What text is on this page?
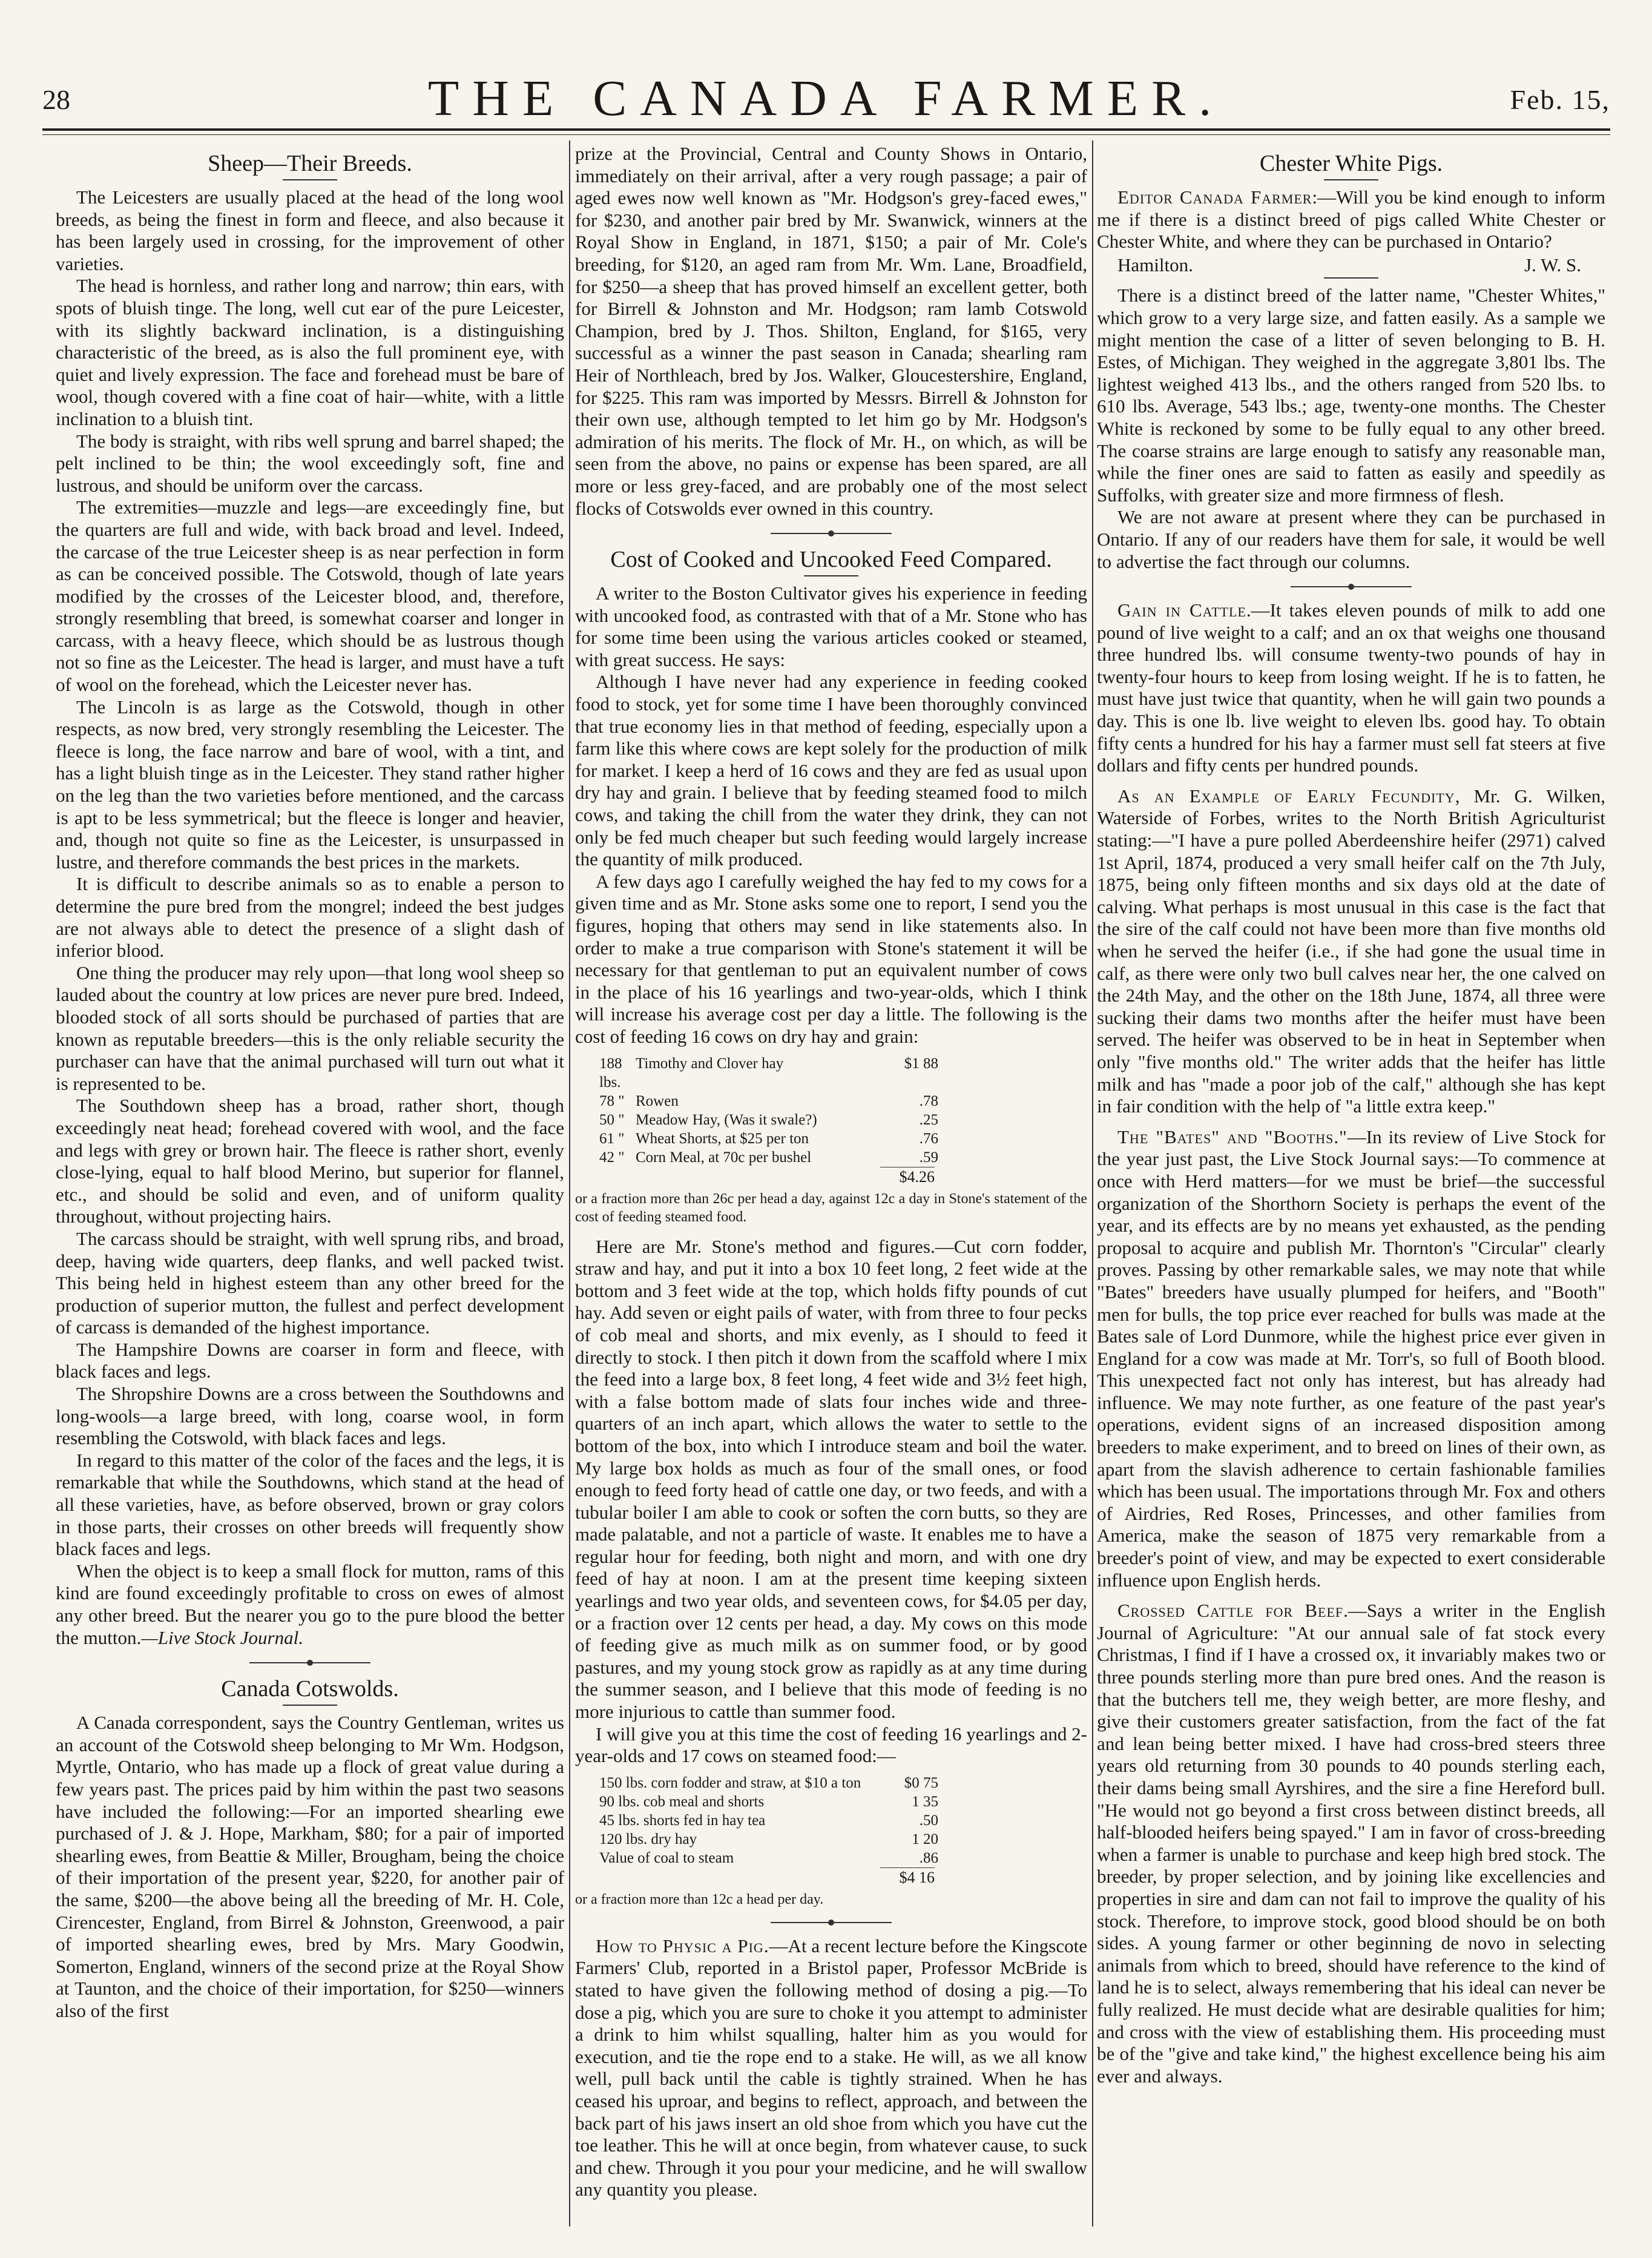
28	THE CANADA FARMER.	Feb. 15,
Sheep—Their Breeds.

The Leicesters are usually placed at the head of the long wool breeds, as being the finest in form and fleece, and also because it has been largely used in crossing, for the improvement of other varieties.

The head is hornless, and rather long and narrow; thin ears, with spots of bluish tinge. The long, well cut ear of the pure Leicester, with its slightly backward inclination, is a distinguishing characteristic of the breed, as is also the full prominent eye, with quiet and lively expression. The face and forehead must be bare of wool, though covered with a fine coat of hair—white, with a little inclination to a bluish tint.

The body is straight, with ribs well sprung and barrel shaped; the pelt inclined to be thin; the wool exceedingly soft, fine and lustrous, and should be uniform over the carcass.

The extremities—muzzle and legs—are exceedingly fine, but the quarters are full and wide, with back broad and level. Indeed, the carcase of the true Leicester sheep is as near perfection in form as can be conceived possible. The Cotswold, though of late years modified by the crosses of the Leicester blood, and, therefore, strongly resembling that breed, is somewhat coarser and longer in carcass, with a heavy fleece, which should be as lustrous though not so fine as the Leicester. The head is larger, and must have a tuft of wool on the forehead, which the Leicester never has.

The Lincoln is as large as the Cotswold, though in other respects, as now bred, very strongly resembling the Leicester. The fleece is long, the face narrow and bare of wool, with a tint, and has a light bluish tinge as in the Leicester. They stand rather higher on the leg than the two varieties before mentioned, and the carcass is apt to be less symmetrical; but the fleece is longer and heavier, and, though not quite so fine as the Leicester, is unsurpassed in lustre, and therefore commands the best prices in the markets.

It is difficult to describe animals so as to enable a person to determine the pure bred from the mongrel; indeed the best judges are not always able to detect the presence of a slight dash of inferior blood.

One thing the producer may rely upon—that long wool sheep so lauded about the country at low prices are never pure bred. Indeed, blooded stock of all sorts should be purchased of parties that are known as reputable breeders—this is the only reliable security the purchaser can have that the animal purchased will turn out what it is represented to be.

The Southdown sheep has a broad, rather short, though exceedingly neat head; forehead covered with wool, and the face and legs with grey or brown hair. The fleece is rather short, evenly close-lying, equal to half blood Merino, but superior for flannel, etc., and should be solid and even, and of uniform quality throughout, without projecting hairs.

The carcass should be straight, with well sprung ribs, and broad, deep, having wide quarters, deep flanks, and well packed twist. This being held in highest esteem than any other breed for the production of superior mutton, the fullest and perfect development of carcass is demanded of the highest importance.

The Hampshire Downs are coarser in form and fleece, with black faces and legs.

The Shropshire Downs are a cross between the Southdowns and long-wools—a large breed, with long, coarse wool, in form resembling the Cotswold, with black faces and legs.

In regard to this matter of the color of the faces and the legs, it is remarkable that while the Southdowns, which stand at the head of all these varieties, have, as before observed, brown or gray colors in those parts, their crosses on other breeds will frequently show black faces and legs.

When the object is to keep a small flock for mutton, rams of this kind are found exceedingly profitable to cross on ewes of almost any other breed. But the nearer you go to the pure blood the better the mutton.—Live Stock Journal.

Canada Cotswolds.

A Canada correspondent, says the Country Gentleman, writes us an account of the Cotswold sheep belonging to Mr Wm. Hodgson, Myrtle, Ontario, who has made up a flock of great value during a few years past. The prices paid by him within the past two seasons have included the following:—For an imported shearling ewe purchased of J. & J. Hope, Markham, $80; for a pair of imported shearling ewes, from Beattie & Miller, Brougham, being the choice of their importation of the present year, $220, for another pair of the same, $200—the above being all the breeding of Mr. H. Cole, Cirencester, England, from Birrel & Johnston, Greenwood, a pair of imported shearling ewes, bred by Mrs. Mary Goodwin, Somerton, England, winners of the second prize at the Royal Show at Taunton, and the choice of their importation, for $250—winners also of the first

prize at the Provincial, Central and County Shows in Ontario, immediately on their arrival, after a very rough passage; a pair of aged ewes now well known as "Mr. Hodgson's grey-faced ewes," for $230, and another pair bred by Mr. Swanwick, winners at the Royal Show in England, in 1871, $150; a pair of Mr. Cole's breeding, for $120, an aged ram from Mr. Wm. Lane, Broadfield, for $250—a sheep that has proved himself an excellent getter, both for Birrell & Johnston and Mr. Hodgson; ram lamb Cotswold Champion, bred by J. Thos. Shilton, England, for $165, very successful as a winner the past season in Canada; shearling ram Heir of Northleach, bred by Jos. Walker, Gloucestershire, England, for $225. This ram was imported by Messrs. Birrell & Johnston for their own use, although tempted to let him go by Mr. Hodgson's admiration of his merits. The flock of Mr. H., on which, as will be seen from the above, no pains or expense has been spared, are all more or less grey-faced, and are probably one of the most select flocks of Cotswolds ever owned in this country.

Cost of Cooked and Uncooked Feed Compared.

A writer to the Boston Cultivator gives his experience in feeding with uncooked food, as contrasted with that of a Mr. Stone who has for some time been using the various articles cooked or steamed, with great success. He says:

Although I have never had any experience in feeding cooked food to stock, yet for some time I have been thoroughly convinced that true economy lies in that method of feeding, especially upon a farm like this where cows are kept solely for the production of milk for market. I keep a herd of 16 cows and they are fed as usual upon dry hay and grain. I believe that by feeding steamed food to milch cows, and taking the chill from the water they drink, they can not only be fed much cheaper but such feeding would largely increase the quantity of milk produced.

A few days ago I carefully weighed the hay fed to my cows for a given time and as Mr. Stone asks some one to report, I send you the figures, hoping that others may send in like statements also. In order to make a true comparison with Stone's statement it will be necessary for that gentleman to put an equivalent number of cows in the place of his 16 yearlings and two-year-olds, which I think will increase his average cost per day a little. The following is the cost of feeding 16 cows on dry hay and grain:

188 lbs.
Timothy and Clover hay	$1 88
78 " Rowen	.78
50 " Meadow Hay, (Was it swale?)	.25
61 " Wheat Shorts, at $25 per ton	.76
42 " Corn Meal, at 70c per bushel	.59
$4.26
or a fraction more than 26c per head a day, against 12c a day in Stone's statement of the cost of feeding steamed food.

Here are Mr. Stone's method and figures.—Cut corn fodder, straw and hay, and put it into a box 10 feet long, 2 feet wide at the bottom and 3 feet wide at the top, which holds fifty pounds of cut hay. Add seven or eight pails of water, with from three to four pecks of cob meal and shorts, and mix evenly, as I should to feed it directly to stock. I then pitch it down from the scaffold where I mix the feed into a large box, 8 feet long, 4 feet wide and 3½ feet high, with a false bottom made of slats four inches wide and three-quarters of an inch apart, which allows the water to settle to the bottom of the box, into which I introduce steam and boil the water. My large box holds as much as four of the small ones, or food enough to feed forty head of cattle one day, or two feeds, and with a tubular boiler I am able to cook or soften the corn butts, so they are made palatable, and not a particle of waste. It enables me to have a regular hour for feeding, both night and morn, and with one dry feed of hay at noon. I am at the present time keeping sixteen yearlings and two year olds, and seventeen cows, for $4.05 per day, or a fraction over 12 cents per head, a day. My cows on this mode of feeding give as much milk as on summer food, or by good pastures, and my young stock grow as rapidly as at any time during the summer season, and I believe that this mode of feeding is no more injurious to cattle than summer food.

I will give you at this time the cost of feeding 16 yearlings and 2-year-olds and 17 cows on steamed food:—

150 lbs. corn fodder and straw, at $10 a ton	$0 75
90 lbs. cob meal and shorts	1 35
45 lbs. shorts fed in hay tea	.50
120 lbs. dry hay	1 20
Value of coal to steam	.86
$4 16
or a fraction more than 12c a head per day.

How to Physic a Pig.—At a recent lecture before the Kingscote Farmers' Club, reported in a Bristol paper, Professor McBride is stated to have given the following method of dosing a pig.—To dose a pig, which you are sure to choke it you attempt to administer a drink to him whilst squalling, halter him as you would for execution, and tie the rope end to a stake. He will, as we all know well, pull back until the cable is tightly strained. When he has ceased his uproar, and begins to reflect, approach, and between the back part of his jaws insert an old shoe from which you have cut the toe leather. This he will at once begin, from whatever cause, to suck and chew. Through it you pour your medicine, and he will swallow any quantity you please.

Chester White Pigs.

Editor Canada Farmer:—Will you be kind enough to inform me if there is a distinct breed of pigs called White Chester or Chester White, and where they can be purchased in Ontario?

Hamilton.	J. W. S.

There is a distinct breed of the latter name, "Chester Whites," which grow to a very large size, and fatten easily. As a sample we might mention the case of a litter of seven belonging to B. H. Estes, of Michigan. They weighed in the aggregate 3,801 lbs. The lightest weighed 413 lbs., and the others ranged from 520 lbs. to 610 lbs. Average, 543 lbs.; age, twenty-one months. The Chester White is reckoned by some to be fully equal to any other breed. The coarse strains are large enough to satisfy any reasonable man, while the finer ones are said to fatten as easily and speedily as Suffolks, with greater size and more firmness of flesh.

We are not aware at present where they can be purchased in Ontario. If any of our readers have them for sale, it would be well to advertise the fact through our columns.

Gain in Cattle.—It takes eleven pounds of milk to add one pound of live weight to a calf; and an ox that weighs one thousand three hundred lbs. will consume twenty-two pounds of hay in twenty-four hours to keep from losing weight. If he is to fatten, he must have just twice that quantity, when he will gain two pounds a day. This is one lb. live weight to eleven lbs. good hay. To obtain fifty cents a hundred for his hay a farmer must sell fat steers at five dollars and fifty cents per hundred pounds.

As an Example of Early Fecundity, Mr. G. Wilken, Waterside of Forbes, writes to the North British Agriculturist stating:—"I have a pure polled Aberdeenshire heifer (2971) calved 1st April, 1874, produced a very small heifer calf on the 7th July, 1875, being only fifteen months and six days old at the date of calving. What perhaps is most unusual in this case is the fact that the sire of the calf could not have been more than five months old when he served the heifer (i.e., if she had gone the usual time in calf, as there were only two bull calves near her, the one calved on the 24th May, and the other on the 18th June, 1874, all three were sucking their dams two months after the heifer must have been served. The heifer was observed to be in heat in September when only "five months old." The writer adds that the heifer has little milk and has "made a poor job of the calf," although she has kept in fair condition with the help of "a little extra keep."

The "Bates" and "Booths."—In its review of Live Stock for the year just past, the Live Stock Journal says:—To commence at once with Herd matters—for we must be brief—the successful organization of the Shorthorn Society is perhaps the event of the year, and its effects are by no means yet exhausted, as the pending proposal to acquire and publish Mr. Thornton's "Circular" clearly proves. Passing by other remarkable sales, we may note that while "Bates" breeders have usually plumped for heifers, and "Booth" men for bulls, the top price ever reached for bulls was made at the Bates sale of Lord Dunmore, while the highest price ever given in England for a cow was made at Mr. Torr's, so full of Booth blood. This unexpected fact not only has interest, but has already had influence. We may note further, as one feature of the past year's operations, evident signs of an increased disposition among breeders to make experiment, and to breed on lines of their own, as apart from the slavish adherence to certain fashionable families which has been usual. The importations through Mr. Fox and others of Airdries, Red Roses, Princesses, and other families from America, make the season of 1875 very remarkable from a breeder's point of view, and may be expected to exert considerable influence upon English herds.

Crossed Cattle for Beef.—Says a writer in the English Journal of Agriculture: "At our annual sale of fat stock every Christmas, I find if I have a crossed ox, it invariably makes two or three pounds sterling more than pure bred ones. And the reason is that the butchers tell me, they weigh better, are more fleshy, and give their customers greater satisfaction, from the fact of the fat and lean being better mixed. I have had cross-bred steers three years old returning from 30 pounds to 40 pounds sterling each, their dams being small Ayrshires, and the sire a fine Hereford bull. "He would not go beyond a first cross between distinct breeds, all half-blooded heifers being spayed." I am in favor of cross-breeding when a farmer is unable to purchase and keep high bred stock. The breeder, by proper selection, and by joining like excellencies and properties in sire and dam can not fail to improve the quality of his stock. Therefore, to improve stock, good blood should be on both sides. A young farmer or other beginning de novo in selecting animals from which to breed, should have reference to the kind of land he is to select, always remembering that his ideal can never be fully realized. He must decide what are desirable qualities for him; and cross with the view of establishing them. His proceeding must be of the "give and take kind," the highest excellence being his aim ever and always.
